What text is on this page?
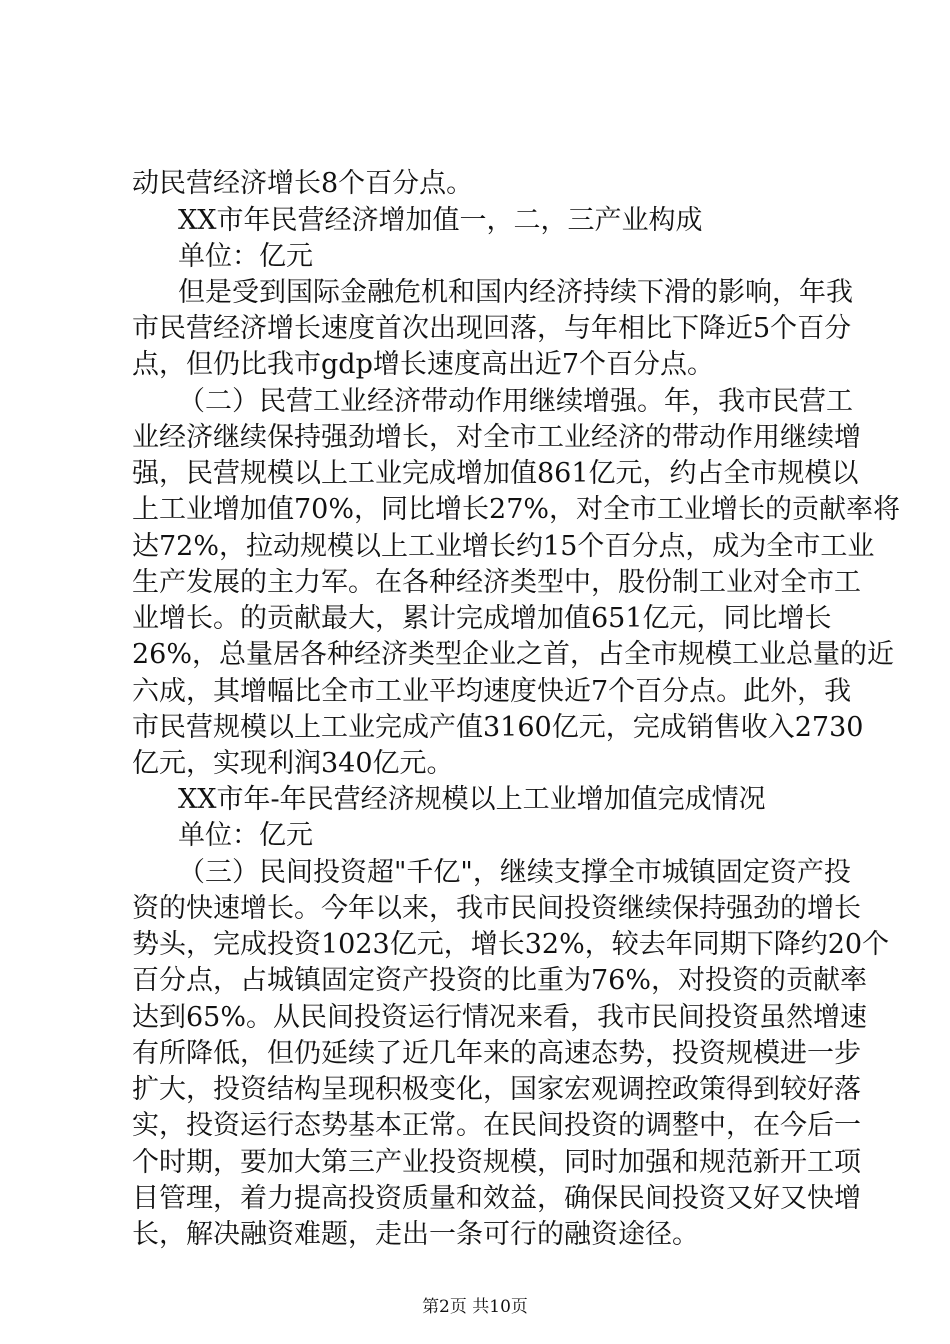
动民营经济增长8个百分点。
XX市年民营经济增加值一，二，三产业构成
单位：亿元
但是受到国际金融危机和国内经济持续下滑的影响，年我
市民营经济增长速度首次出现回落，与年相比下降近5个百分
点，但仍比我市gdp增长速度高出近7个百分点。
（二）民营工业经济带动作用继续增强。年，我市民营工
业经济继续保持强劲增长，对全市工业经济的带动作用继续增
强，民营规模以上工业完成增加值861亿元，约占全市规模以
上工业增加值70%，同比增长27%，对全市工业增长的贡献率将
达72%，拉动规模以上工业增长约15个百分点，成为全市工业
生产发展的主力军。在各种经济类型中，股份制工业对全市工
业增长。的贡献最大，累计完成增加值651亿元，同比增长
26%，总量居各种经济类型企业之首，占全市规模工业总量的近
六成，其增幅比全市工业平均速度快近7个百分点。此外，我
市民营规模以上工业完成产值3160亿元，完成销售收入2730
亿元，实现利润340亿元。
XX市年-年民营经济规模以上工业增加值完成情况
单位：亿元
（三）民间投资超"千亿"，继续支撑全市城镇固定资产投
资的快速增长。今年以来，我市民间投资继续保持强劲的增长
势头，完成投资1023亿元，增长32%，较去年同期下降约20个
百分点，占城镇固定资产投资的比重为76%，对投资的贡献率
达到65%。从民间投资运行情况来看，我市民间投资虽然增速
有所降低，但仍延续了近几年来的高速态势，投资规模进一步
扩大，投资结构呈现积极变化，国家宏观调控政策得到较好落
实，投资运行态势基本正常。在民间投资的调整中，在今后一
个时期，要加大第三产业投资规模，同时加强和规范新开工项
目管理，着力提高投资质量和效益，确保民间投资又好又快增
长，解决融资难题，走出一条可行的融资途径。
第2页 共10页
